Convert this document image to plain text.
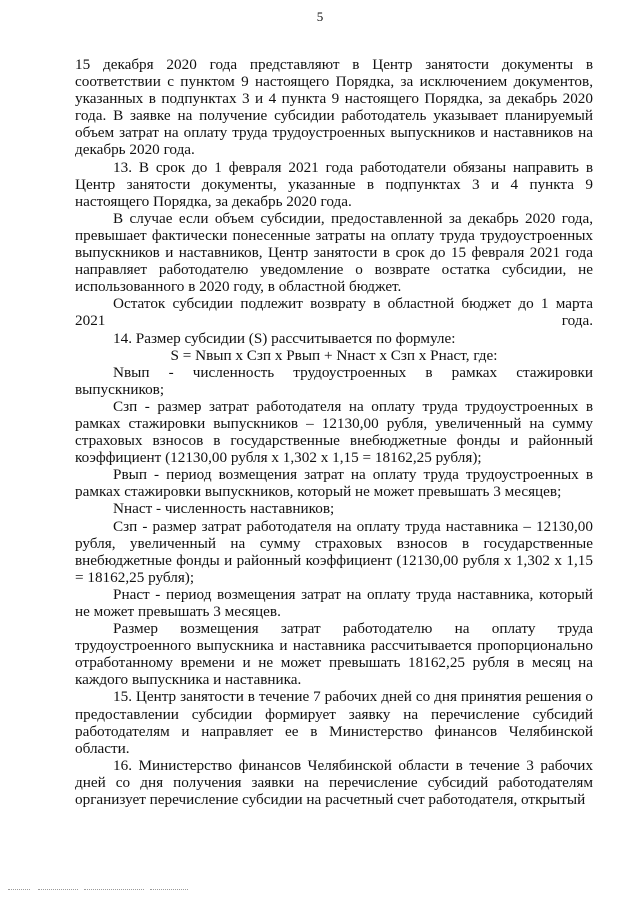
5

15 декабря 2020 года представляют в Центр занятости документы в соответствии с пунктом 9 настоящего Порядка, за исключением документов, указанных в подпунктах 3 и 4 пункта 9 настоящего Порядка, за декабрь 2020 года. В заявке на получение субсидии работодатель указывает планируемый объем затрат на оплату труда трудоустроенных выпускников и наставников на декабрь 2020 года.

13. В срок до 1 февраля 2021 года работодатели обязаны направить в Центр занятости документы, указанные в подпунктах 3 и 4 пункта 9 настоящего Порядка, за декабрь 2020 года.

В случае если объем субсидии, предоставленной за декабрь 2020 года, превышает фактически понесенные затраты на оплату труда трудоустроенных выпускников и наставников, Центр занятости в срок до 15 февраля 2021 года направляет работодателю уведомление о возврате остатка субсидии, не использованного в 2020 году, в областной бюджет.

Остаток субсидии подлежит возврату в областной бюджет до 1 марта 2021 года.

14. Размер субсидии (S) рассчитывается по формуле:

S = Nвып х Сзп х Рвып + Nнаст х Сзп х Рнаст, где:

Nвып - численность трудоустроенных в рамках стажировки выпускников;

Сзп - размер затрат работодателя на оплату труда трудоустроенных в рамках стажировки выпускников – 12130,00 рубля, увеличенный на сумму страховых взносов в государственные внебюджетные фонды и районный коэффициент (12130,00 рубля х 1,302 х 1,15 = 18162,25 рубля);

Рвып - период возмещения затрат на оплату труда трудоустроенных в рамках стажировки выпускников, который не может превышать 3 месяцев;

Nнаст - численность наставников;

Сзп - размер затрат работодателя на оплату труда наставника – 12130,00 рубля, увеличенный на сумму страховых взносов в государственные внебюджетные фонды и районный коэффициент (12130,00 рубля х 1,302 х 1,15 = 18162,25 рубля);

Рнаст - период возмещения затрат на оплату труда наставника, который не может превышать 3 месяцев.

Размер возмещения затрат работодателю на оплату труда трудоустроенного выпускника и наставника рассчитывается пропорционально отработанному времени и не может превышать 18162,25 рубля в месяц на каждого выпускника и наставника.

15. Центр занятости в течение 7 рабочих дней со дня принятия решения о предоставлении субсидии формирует заявку на перечисление субсидий работодателям и направляет ее в Министерство финансов Челябинской области.

16. Министерство финансов Челябинской области в течение 3 рабочих дней со дня получения заявки на перечисление субсидий работодателям организует перечисление субсидии на расчетный счет работодателя, открытый
